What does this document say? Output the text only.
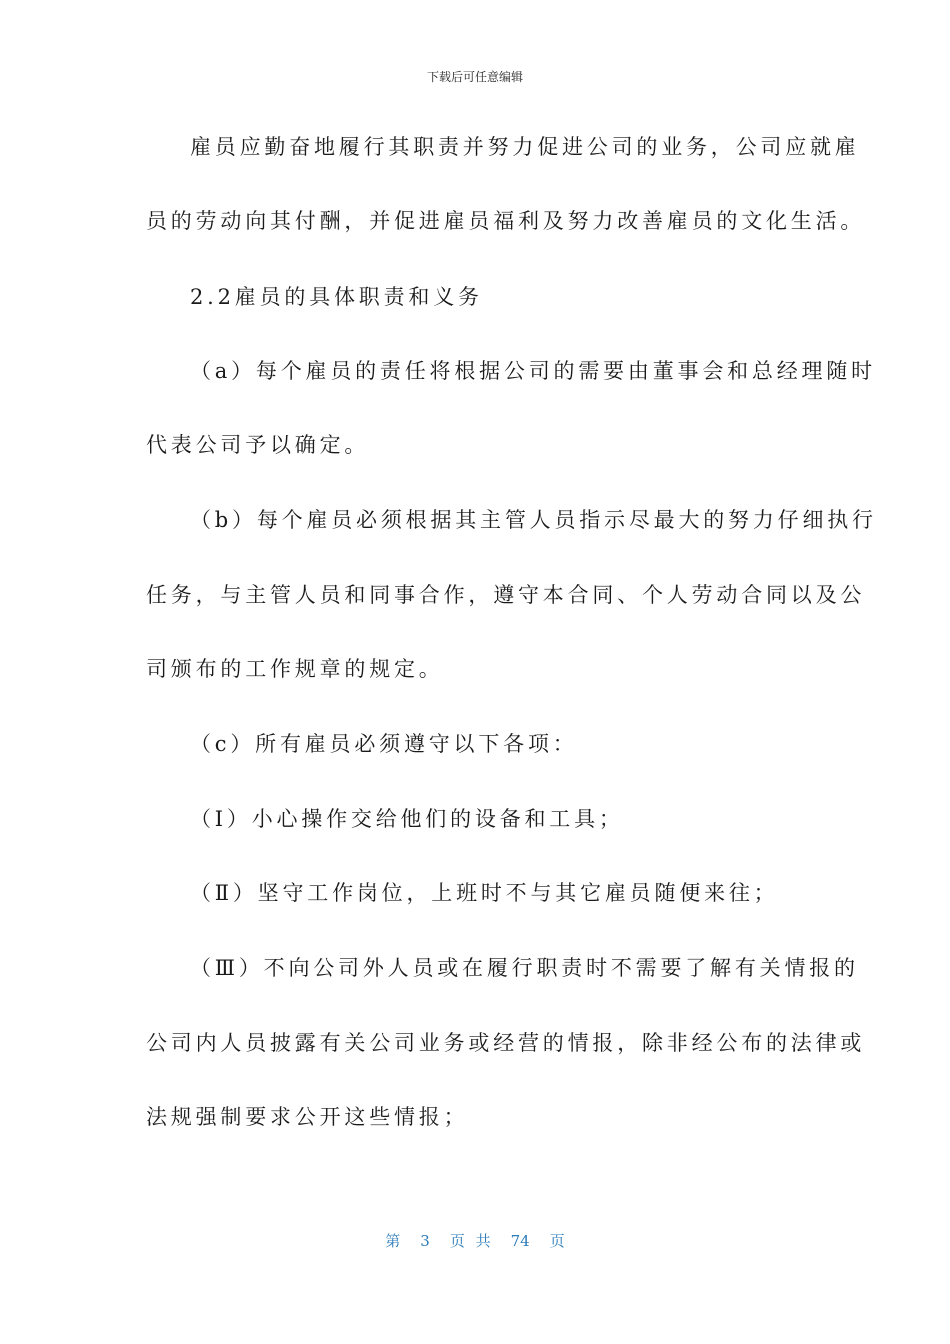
下载后可任意编辑
雇员应勤奋地履行其职责并努力促进公司的业务，公司应就雇
员的劳动向其付酬，并促进雇员福利及努力改善雇员的文化生活。
2.2雇员的具体职责和义务
（a）每个雇员的责任将根据公司的需要由董事会和总经理随时
代表公司予以确定。
（b）每个雇员必须根据其主管人员指示尽最大的努力仔细执行
任务，与主管人员和同事合作，遵守本合同、个人劳动合同以及公
司颁布的工作规章的规定。
（c）所有雇员必须遵守以下各项：
（Ⅰ）小心操作交给他们的设备和工具；
（Ⅱ）坚守工作岗位，上班时不与其它雇员随便来往；
（Ⅲ）不向公司外人员或在履行职责时不需要了解有关情报的
公司内人员披露有关公司业务或经营的情报，除非经公布的法律或
法规强制要求公开这些情报；
第 3 页 共 74 页
